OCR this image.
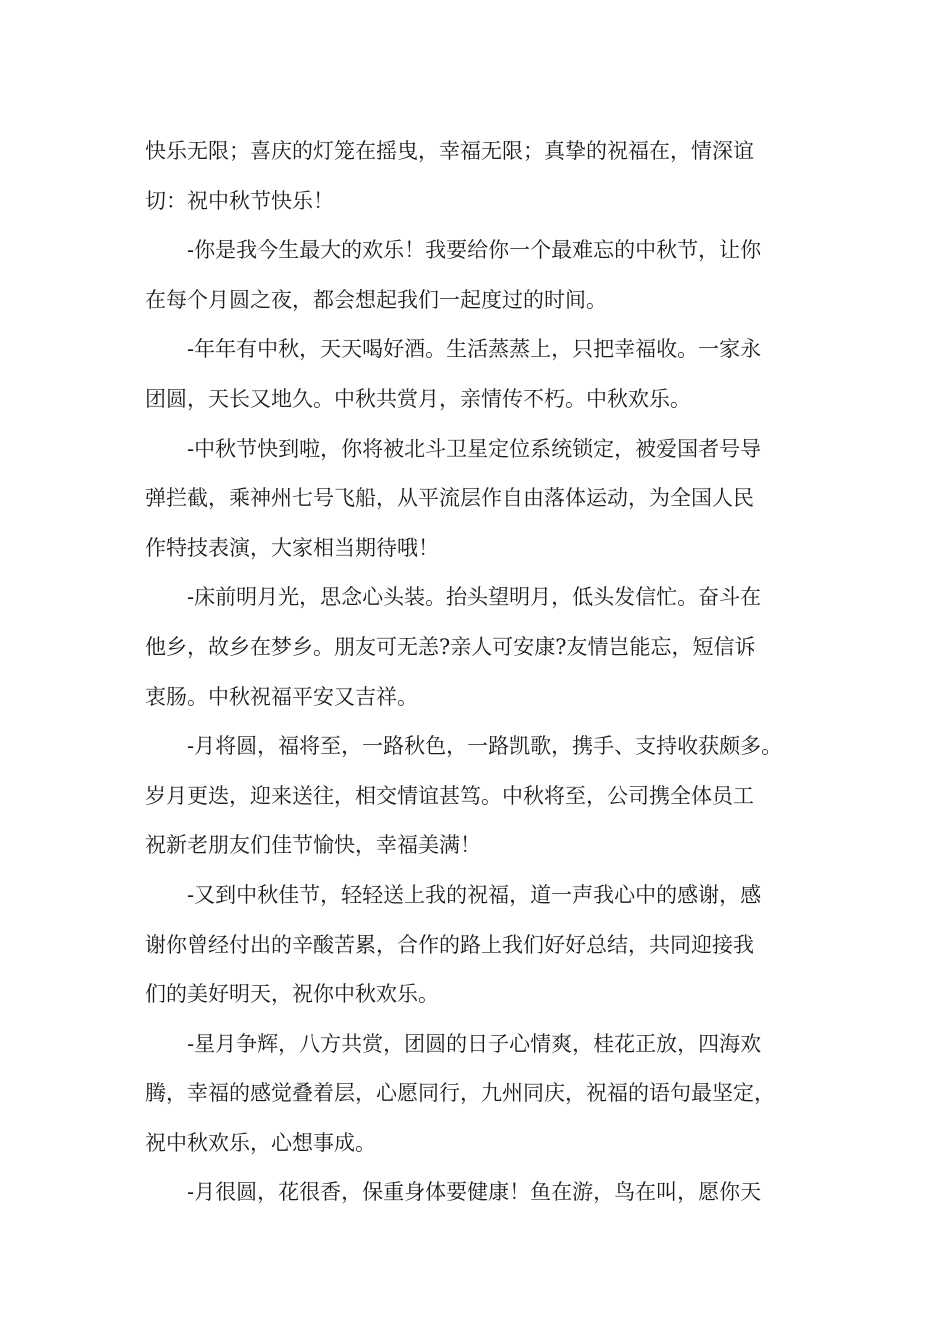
快乐无限；喜庆的灯笼在摇曳，幸福无限；真挚的祝福在，情深谊
切：祝中秋节快乐！

-你是我今生最大的欢乐！我要给你一个最难忘的中秋节，让你
在每个月圆之夜，都会想起我们一起度过的时间。

-年年有中秋，天天喝好酒。生活蒸蒸上，只把幸福收。一家永
团圆，天长又地久。中秋共赏月，亲情传不朽。中秋欢乐。

-中秋节快到啦，你将被北斗卫星定位系统锁定，被爱国者号导
弹拦截，乘神州七号飞船，从平流层作自由落体运动，为全国人民
作特技表演，大家相当期待哦！

-床前明月光，思念心头装。抬头望明月，低头发信忙。奋斗在
他乡，故乡在梦乡。朋友可无恙?亲人可安康?友情岂能忘，短信诉
衷肠。中秋祝福平安又吉祥。

-月将圆，福将至，一路秋色，一路凯歌，携手、支持收获颇多。
岁月更迭，迎来送往，相交情谊甚笃。中秋将至，公司携全体员工
祝新老朋友们佳节愉快，幸福美满！

-又到中秋佳节，轻轻送上我的祝福，道一声我心中的感谢，感
谢你曾经付出的辛酸苦累，合作的路上我们好好总结，共同迎接我
们的美好明天，祝你中秋欢乐。

-星月争辉，八方共赏，团圆的日子心情爽，桂花正放，四海欢
腾，幸福的感觉叠着层，心愿同行，九州同庆，祝福的语句最坚定，
祝中秋欢乐，心想事成。

-月很圆，花很香，保重身体要健康！鱼在游，鸟在叫，愿你天
